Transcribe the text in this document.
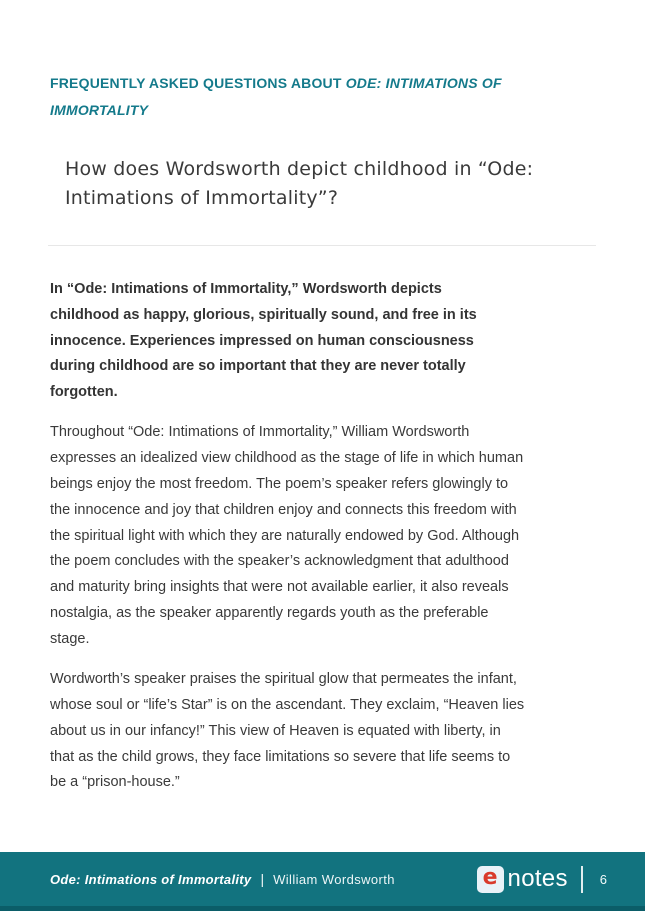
FREQUENTLY ASKED QUESTIONS ABOUT ODE: INTIMATIONS OF IMMORTALITY
How does Wordsworth depict childhood in “Ode: Intimations of Immortality”?

In “Ode: Intimations of Immortality,” Wordsworth depicts
childhood as happy, glorious, spiritually sound, and free in its
innocence. Experiences impressed on human consciousness
during childhood are so important that they are never totally
forgotten.

Throughout “Ode: Intimations of Immortality,” William Wordsworth
expresses an idealized view childhood as the stage of life in which human
beings enjoy the most freedom. The poem’s speaker refers glowingly to
the innocence and joy that children enjoy and connects this freedom with
the spiritual light with which they are naturally endowed by God. Although
the poem concludes with the speaker’s acknowledgment that adulthood
and maturity bring insights that were not available earlier, it also reveals
nostalgia, as the speaker apparently regards youth as the preferable
stage.

Wordworth’s speaker praises the spiritual glow that permeates the infant,
whose soul or “life’s Star” is on the ascendant. They exclaim, “Heaven lies
about us in our infancy!” This view of Heaven is equated with liberty, in
that as the child grows, they face limitations so severe that life seems to
be a “prison-house.”

Ode: Intimations of Immortality | William Wordsworth	e notes 6
